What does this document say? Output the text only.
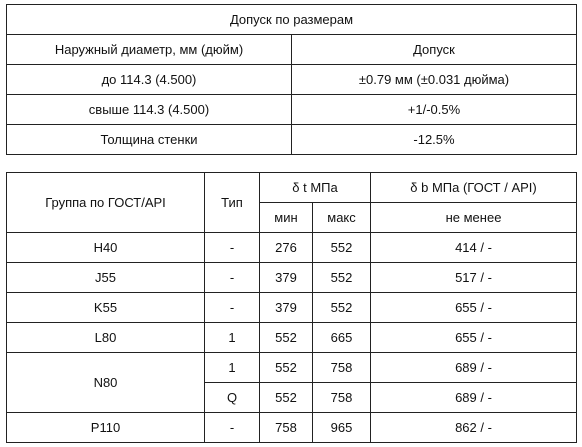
Допуск по размерам	
Наружный диаметр, мм (дюйм)	Допуск
до 114.3 (4.500)	±0.79 мм (±0.031 дюйма)
свыше 114.3 (4.500)	+1/-0.5%
Толщина стенки	-12.5%
Группа по ГОСТ/API	Тип	δ t МПа		δ b МПа (ГОСТ / API)
		мин	макс	не менее
H40	-	276	552	414 / -
J55	-	379	552	517 / -
K55	-	379	552	655 / -
L80	1	552	665	655 / -
N80	1	552	758	689 / -
	Q	552	758	689 / -
P110	-	758	965	862 / -
